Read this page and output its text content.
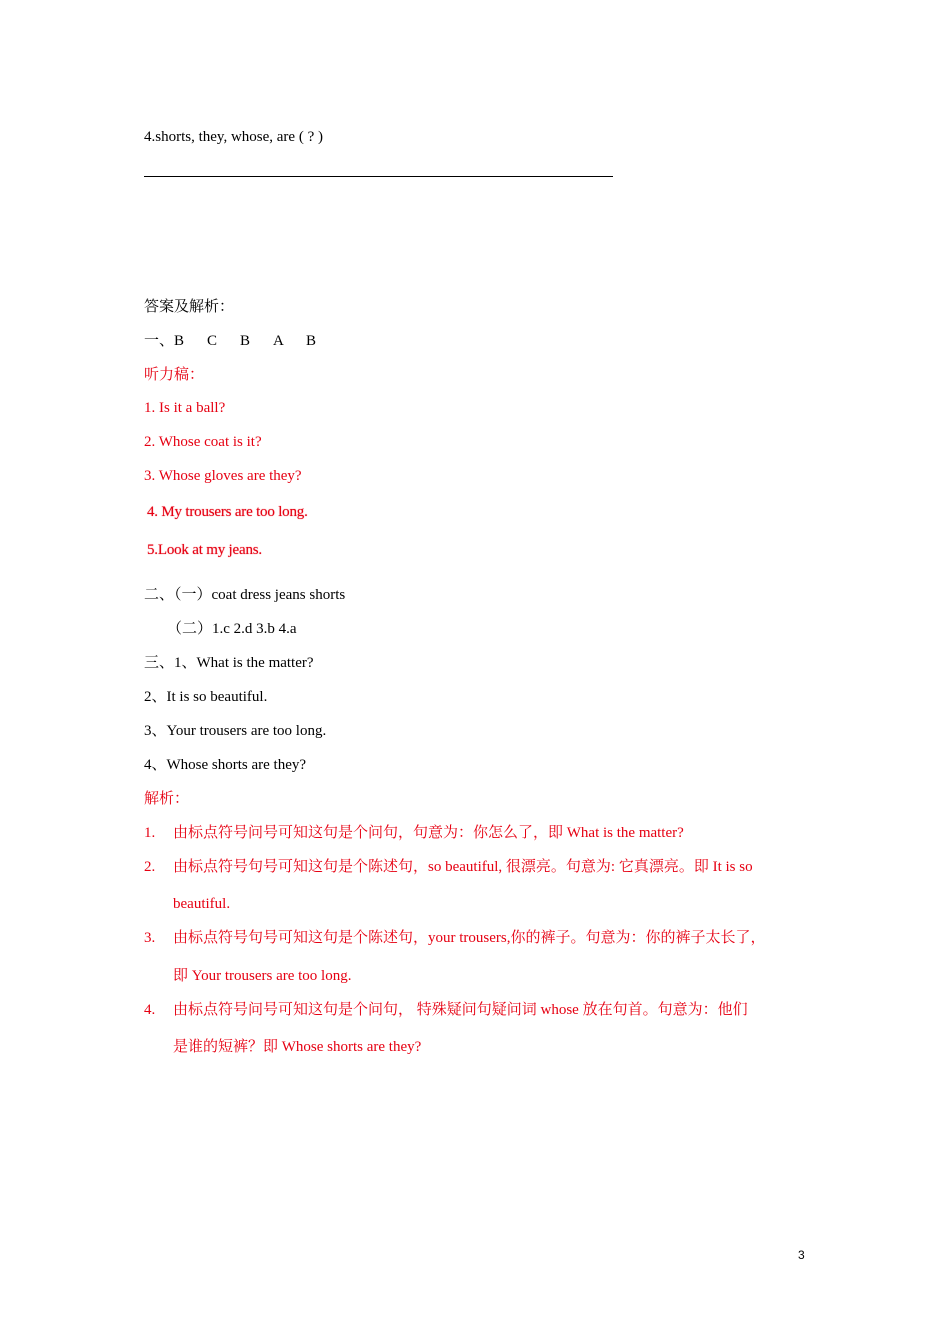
4.shorts, they, whose, are ( ? )
答案及解析：
一、B C B A B
听力稿：
1. Is it a ball?
2. Whose coat is it?
3. Whose gloves are they?
4. My trousers are too long.
5.Look at my jeans.
二、（一）coat dress jeans shorts
（二）1.c 2.d 3.b 4.a
三、1、What is the matter?
2、It is so beautiful.
3、Your trousers are too long.
4、Whose shorts are they?
解析：
1. 由标点符号问号可知这句是个问句，句意为：你怎么了，即 What is the matter?
2. 由标点符号句号可知这句是个陈述句，so beautiful, 很漂亮。句意为: 它真漂亮。即 It is so
beautiful.
3. 由标点符号句号可知这句是个陈述句，your trousers,你的裤子。句意为：你的裤子太长了，
即 Your trousers are too long.
4. 由标点符号问号可知这句是个问句， 特殊疑问句疑问词 whose 放在句首。句意为：他们
是谁的短裤？即 Whose shorts are they?
3
